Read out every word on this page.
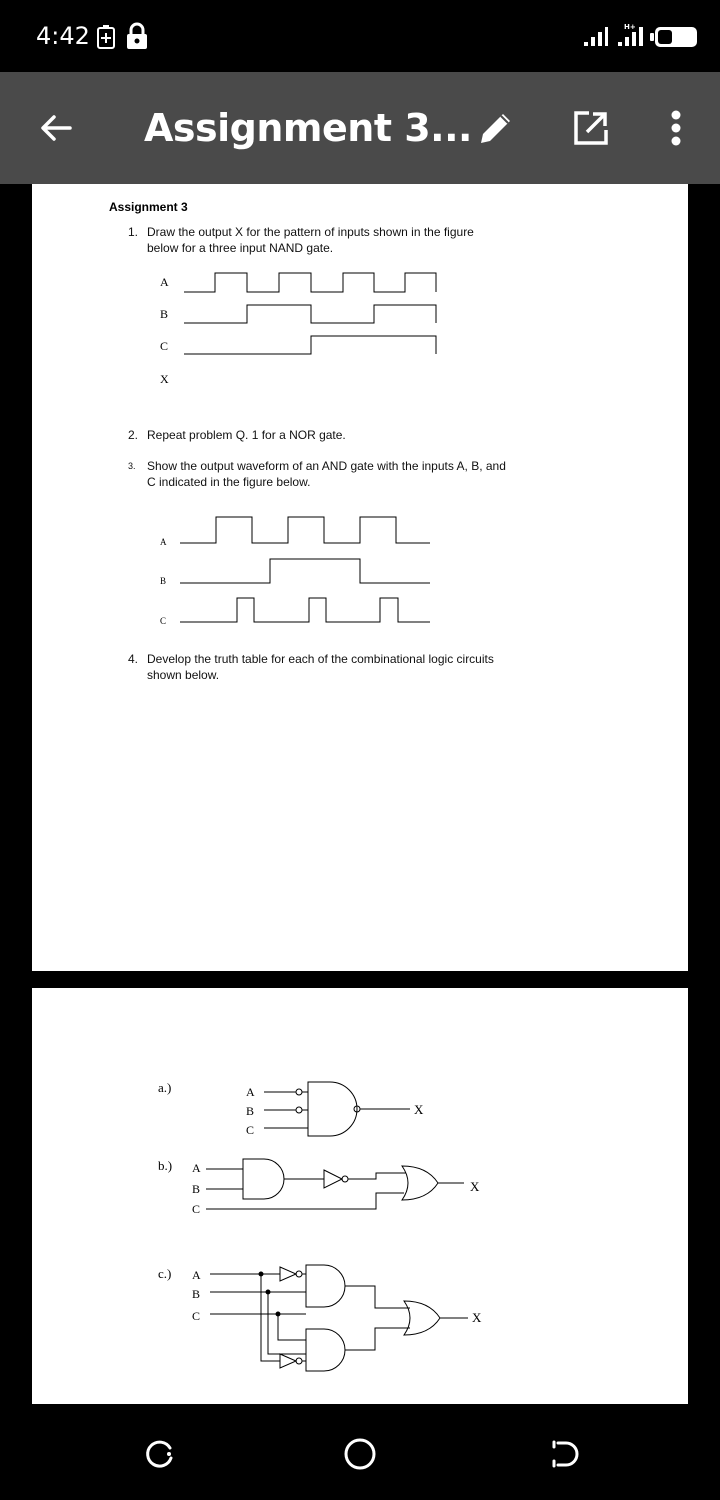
4:42	H+
Assignment 3...
Assignment 3
1. Draw the output X for the pattern of inputs shown in the figure below for a three input NAND gate.
A
B
C
X
2. Repeat problem Q. 1 for a NOR gate.
3. Show the output waveform of an AND gate with the inputs A, B, and C indicated in the figure below.
A
B
C
4. Develop the truth table for each of the combinational logic circuits shown below.
a.)	A
B
C
X
b.) A
B
C
X
c.) A
B
C	X
